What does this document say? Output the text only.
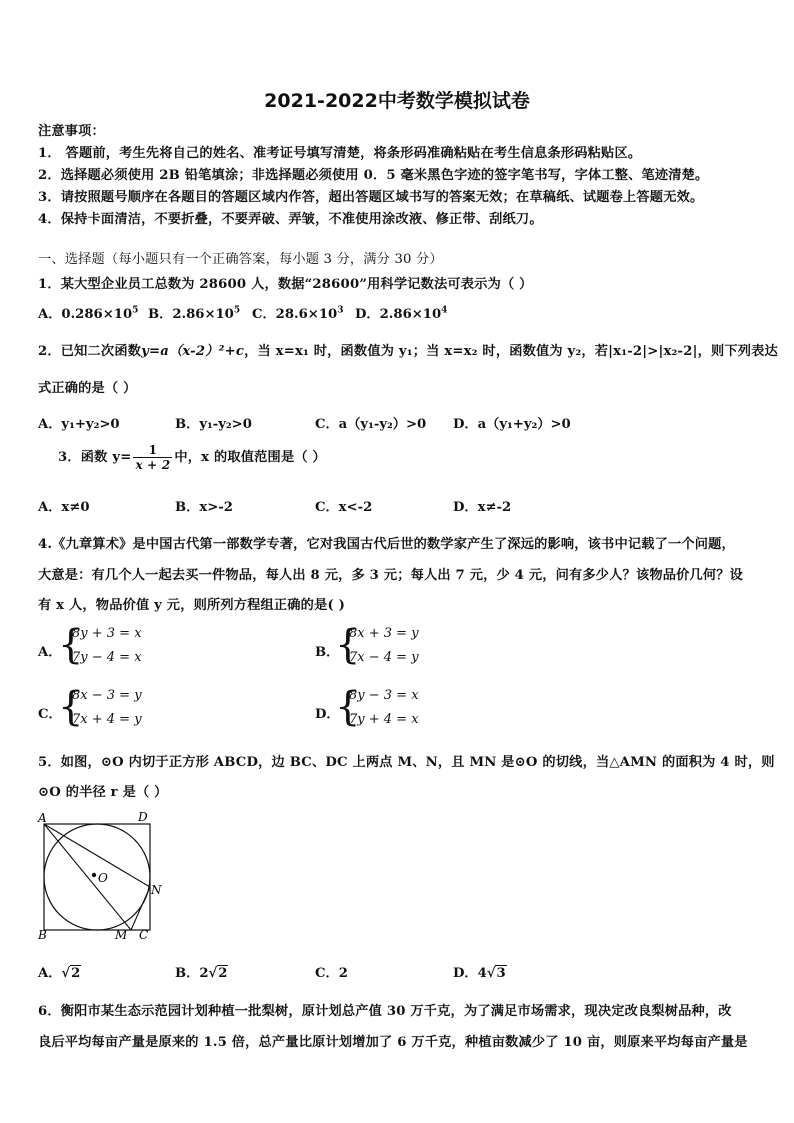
2021-2022中考数学模拟试卷
注意事项：
1． 答题前，考生先将自己的姓名、准考证号填写清楚，将条形码准确粘贴在考生信息条形码粘贴区。
2．选择题必须使用 2B 铅笔填涂；非选择题必须使用 0．5 毫米黑色字迹的签字笔书写，字体工整、笔迹清楚。
3．请按照题号顺序在各题目的答题区域内作答，超出答题区域书写的答案无效；在草稿纸、试题卷上答题无效。
4．保持卡面清洁，不要折叠，不要弄破、弄皱，不准使用涂改液、修正带、刮纸刀。
一、选择题（每小题只有一个正确答案，每小题 3 分，满分 30 分）
1．某大型企业员工总数为 28600 人，数据“28600”用科学记数法可表示为（ ）
A．$0.286\times 10^5$ B．$2.86\times 10^5$ C．$28.6\times 10^3$ D．$2.86\times 10^4$
2．已知二次函数y=a（x-2）²+c，当 x=x₁ 时，函数值为 y₁；当 x=x₂ 时，函数值为 y₂，若|x₁-2|>|x₂-2|，则下列表达
式正确的是（ ）
A．y₁+y₂>0	B．y₁-y₂>0	C．a（y₁-y₂）>0 D．a（y₁+y₂）>0
3．函数 $y= \frac{1}{x + 2}$ 中，x 的取值范围是（ ）
A．x≠0	B．x>-2	C．x<-2	D．x≠-2
4.《九章算术》是中国古代第一部数学专著，它对我国古代后世的数学家产生了深远的影响，该书中记载了一个问题，
大意是：有几个人一起去买一件物品，每人出 8 元，多 3 元；每人出 7 元，少 4 元，问有多少人？该物品价几何？设
有 x 人，物品价值 y 元，则所列方程组正确的是( )
A．
{
8y + 3 = x
7y − 4 = x	B．
{
8x + 3 = y
7x − 4 = y
C．
{
8x − 3 = y
7x + 4 = y	D．
{
8y − 3 = x
7y + 4 = x
5．如图，⊙O 内切于正方形 ABCD，边 BC、DC 上两点 M、N，且 MN 是⊙O 的切线，当△AMN 的面积为 4 时，则
⊙O 的半径 r 是（ ）
A	D
B	C
M
N
O
A．√2	B．2√2	C．2	D．4√3
6．衡阳市某生态示范园计划种植一批梨树，原计划总产值 30 万千克，为了满足市场需求，现决定改良梨树品种，改
良后平均每亩产量是原来的 1.5 倍，总产量比原计划增加了 6 万千克，种植亩数减少了 10 亩，则原来平均每亩产量是
